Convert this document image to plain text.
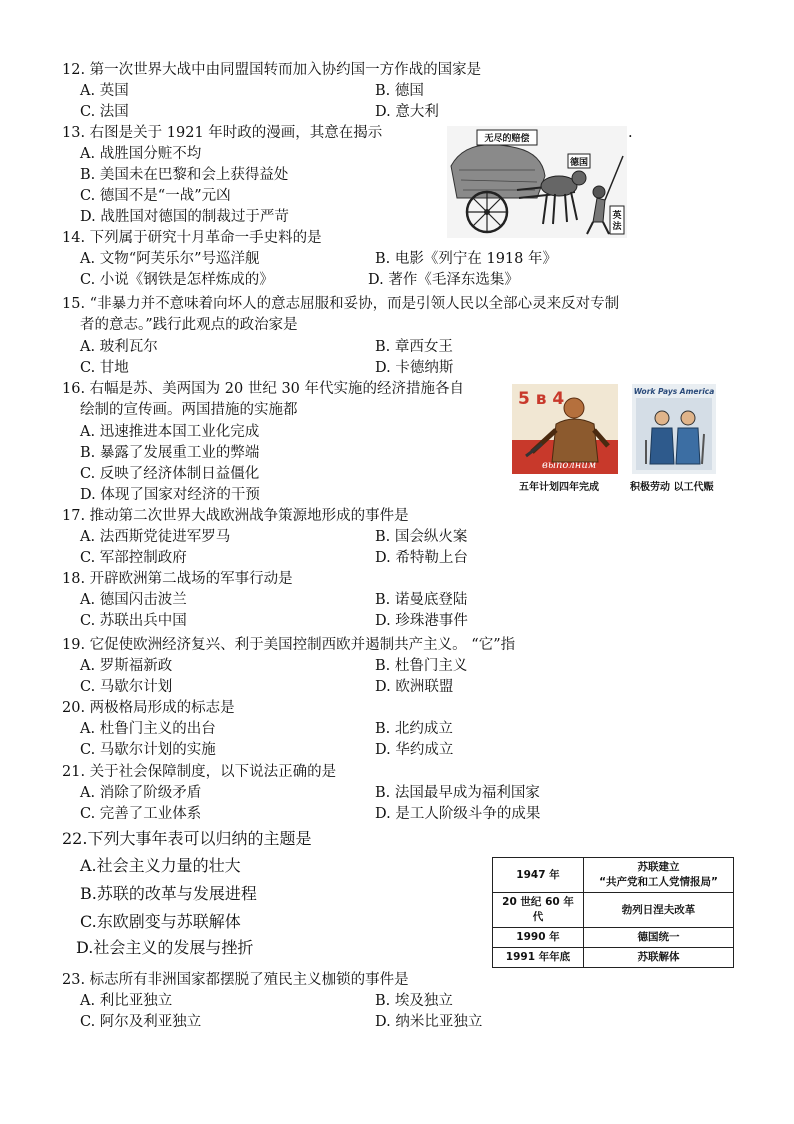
12. 第一次世界大战中由同盟国转而加入协约国一方作战的国家是
A. 英国	B. 德国
C. 法国	D. 意大利
13. 右图是关于 1921 年时政的漫画，其意在揭示
A. 战胜国分赃不均
B. 美国未在巴黎和会上获得益处
C. 德国不是“一战”元凶
D. 战胜国对德国的制裁过于严苛
无尽的赔偿
德国
英法
.
14. 下列属于研究十月革命一手史料的是
A. 文物“阿芙乐尔”号巡洋舰	B. 电影《列宁在 1918 年》
C. 小说《钢铁是怎样炼成的》	D. 著作《毛泽东选集》
15. “非暴力并不意味着向坏人的意志屈服和妥协，而是引领人民以全部心灵来反对专制
者的意志。”践行此观点的政治家是
A. 玻利瓦尔	B. 章西女王
C. 甘地	D. 卡德纳斯
16. 右幅是苏、美两国为 20 世纪 30 年代实施的经济措施各自
绘制的宣传画。两国措施的实施都
A. 迅速推进本国工业化完成
B. 暴露了发展重工业的弊端
C. 反映了经济体制日益僵化
D. 体现了国家对经济的干预
5 в 4
выполним
Work Pays America
五年计划四年完成	积极劳动 以工代赈
17. 推动第二次世界大战欧洲战争策源地形成的事件是
A. 法西斯党徒进军罗马	B. 国会纵火案
C. 军部控制政府	D. 希特勒上台
18. 开辟欧洲第二战场的军事行动是
A. 德国闪击波兰	B. 诺曼底登陆
C. 苏联出兵中国	D. 珍珠港事件
19. 它促使欧洲经济复兴、利于美国控制西欧并遏制共产主义。 “它”指
A. 罗斯福新政	B. 杜鲁门主义
C. 马歇尔计划	D. 欧洲联盟
20. 两极格局形成的标志是
A. 杜鲁门主义的出台	B. 北约成立
C. 马歇尔计划的实施	D. 华约成立
21. 关于社会保障制度，以下说法正确的是
A. 消除了阶级矛盾	B. 法国最早成为福利国家
C. 完善了工业体系	D. 是工人阶级斗争的成果
22.下列大事年表可以归纳的主题是
A.社会主义力量的壮大
B.苏联的改革与发展进程
C.东欧剧变与苏联解体
D.社会主义的发展与挫折
1947 年	苏联建立
“共产党和工人党情报局”

20 世纪 60 年代	勃列日涅夫改革
1990 年	德国统一
1991 年年底	苏联解体
23. 标志所有非洲国家都摆脱了殖民主义枷锁的事件是
A. 利比亚独立	B. 埃及独立
C. 阿尔及利亚独立	D. 纳米比亚独立
